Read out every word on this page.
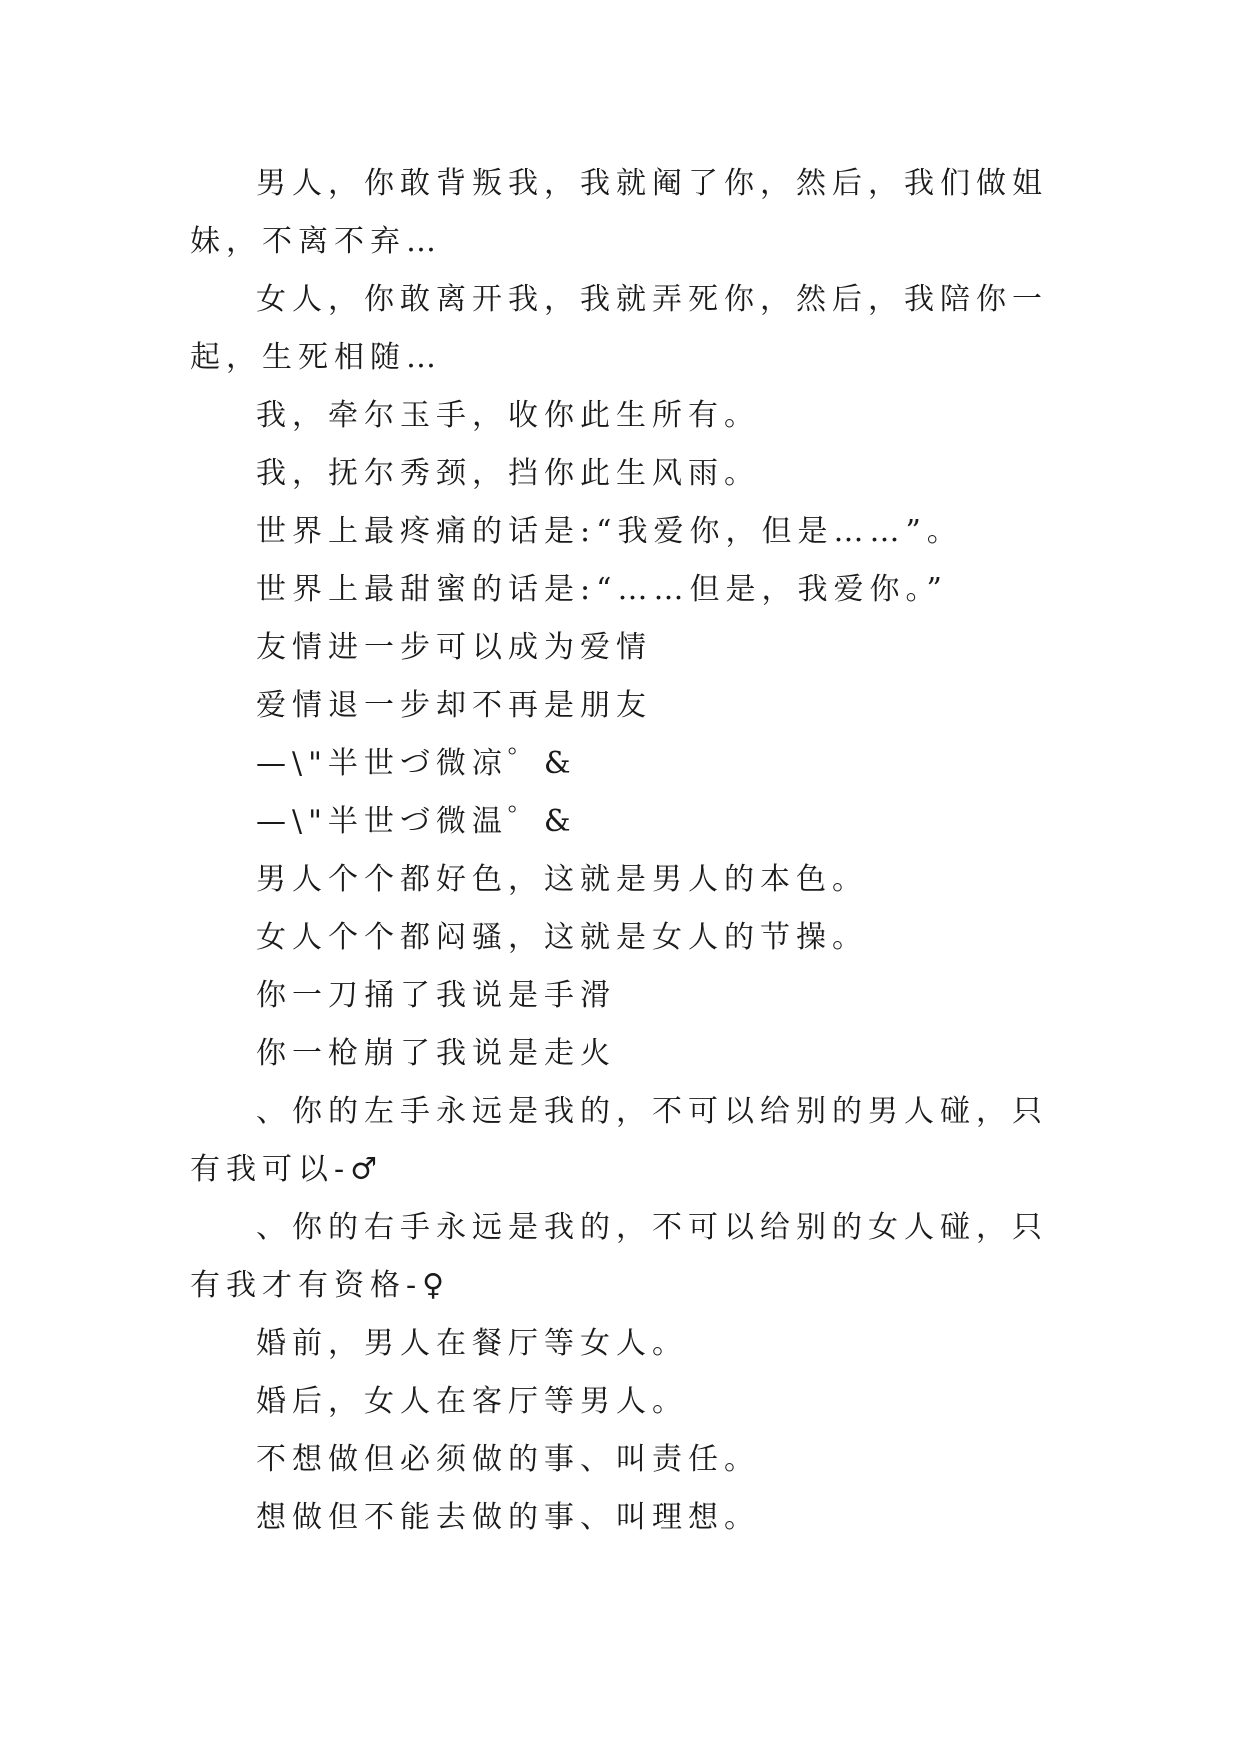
男人，你敢背叛我，我就阉了你，然后，我们做姐妹，不离不弃…

女人，你敢离开我，我就弄死你，然后，我陪你一起，生死相随…

我，牵尔玉手，收你此生所有。

我，抚尔秀颈，挡你此生风雨。

世界上最疼痛的话是:“我爱你，但是……”。

世界上最甜蜜的话是:“……但是，我爱你。”

友情进一步可以成为爱情

爱情退一步却不再是朋友

—\"半世づ微凉゜&

—\"半世づ微温゜&

男人个个都好色，这就是男人的本色。

女人个个都闷骚，这就是女人的节操。

你一刀捅了我说是手滑

你一枪崩了我说是走火

、你的左手永远是我的，不可以给别的男人碰，只有我可以-♂

、你的右手永远是我的，不可以给别的女人碰，只有我才有资格-♀

婚前，男人在餐厅等女人。

婚后，女人在客厅等男人。

不想做但必须做的事、叫责任。

想做但不能去做的事、叫理想。
